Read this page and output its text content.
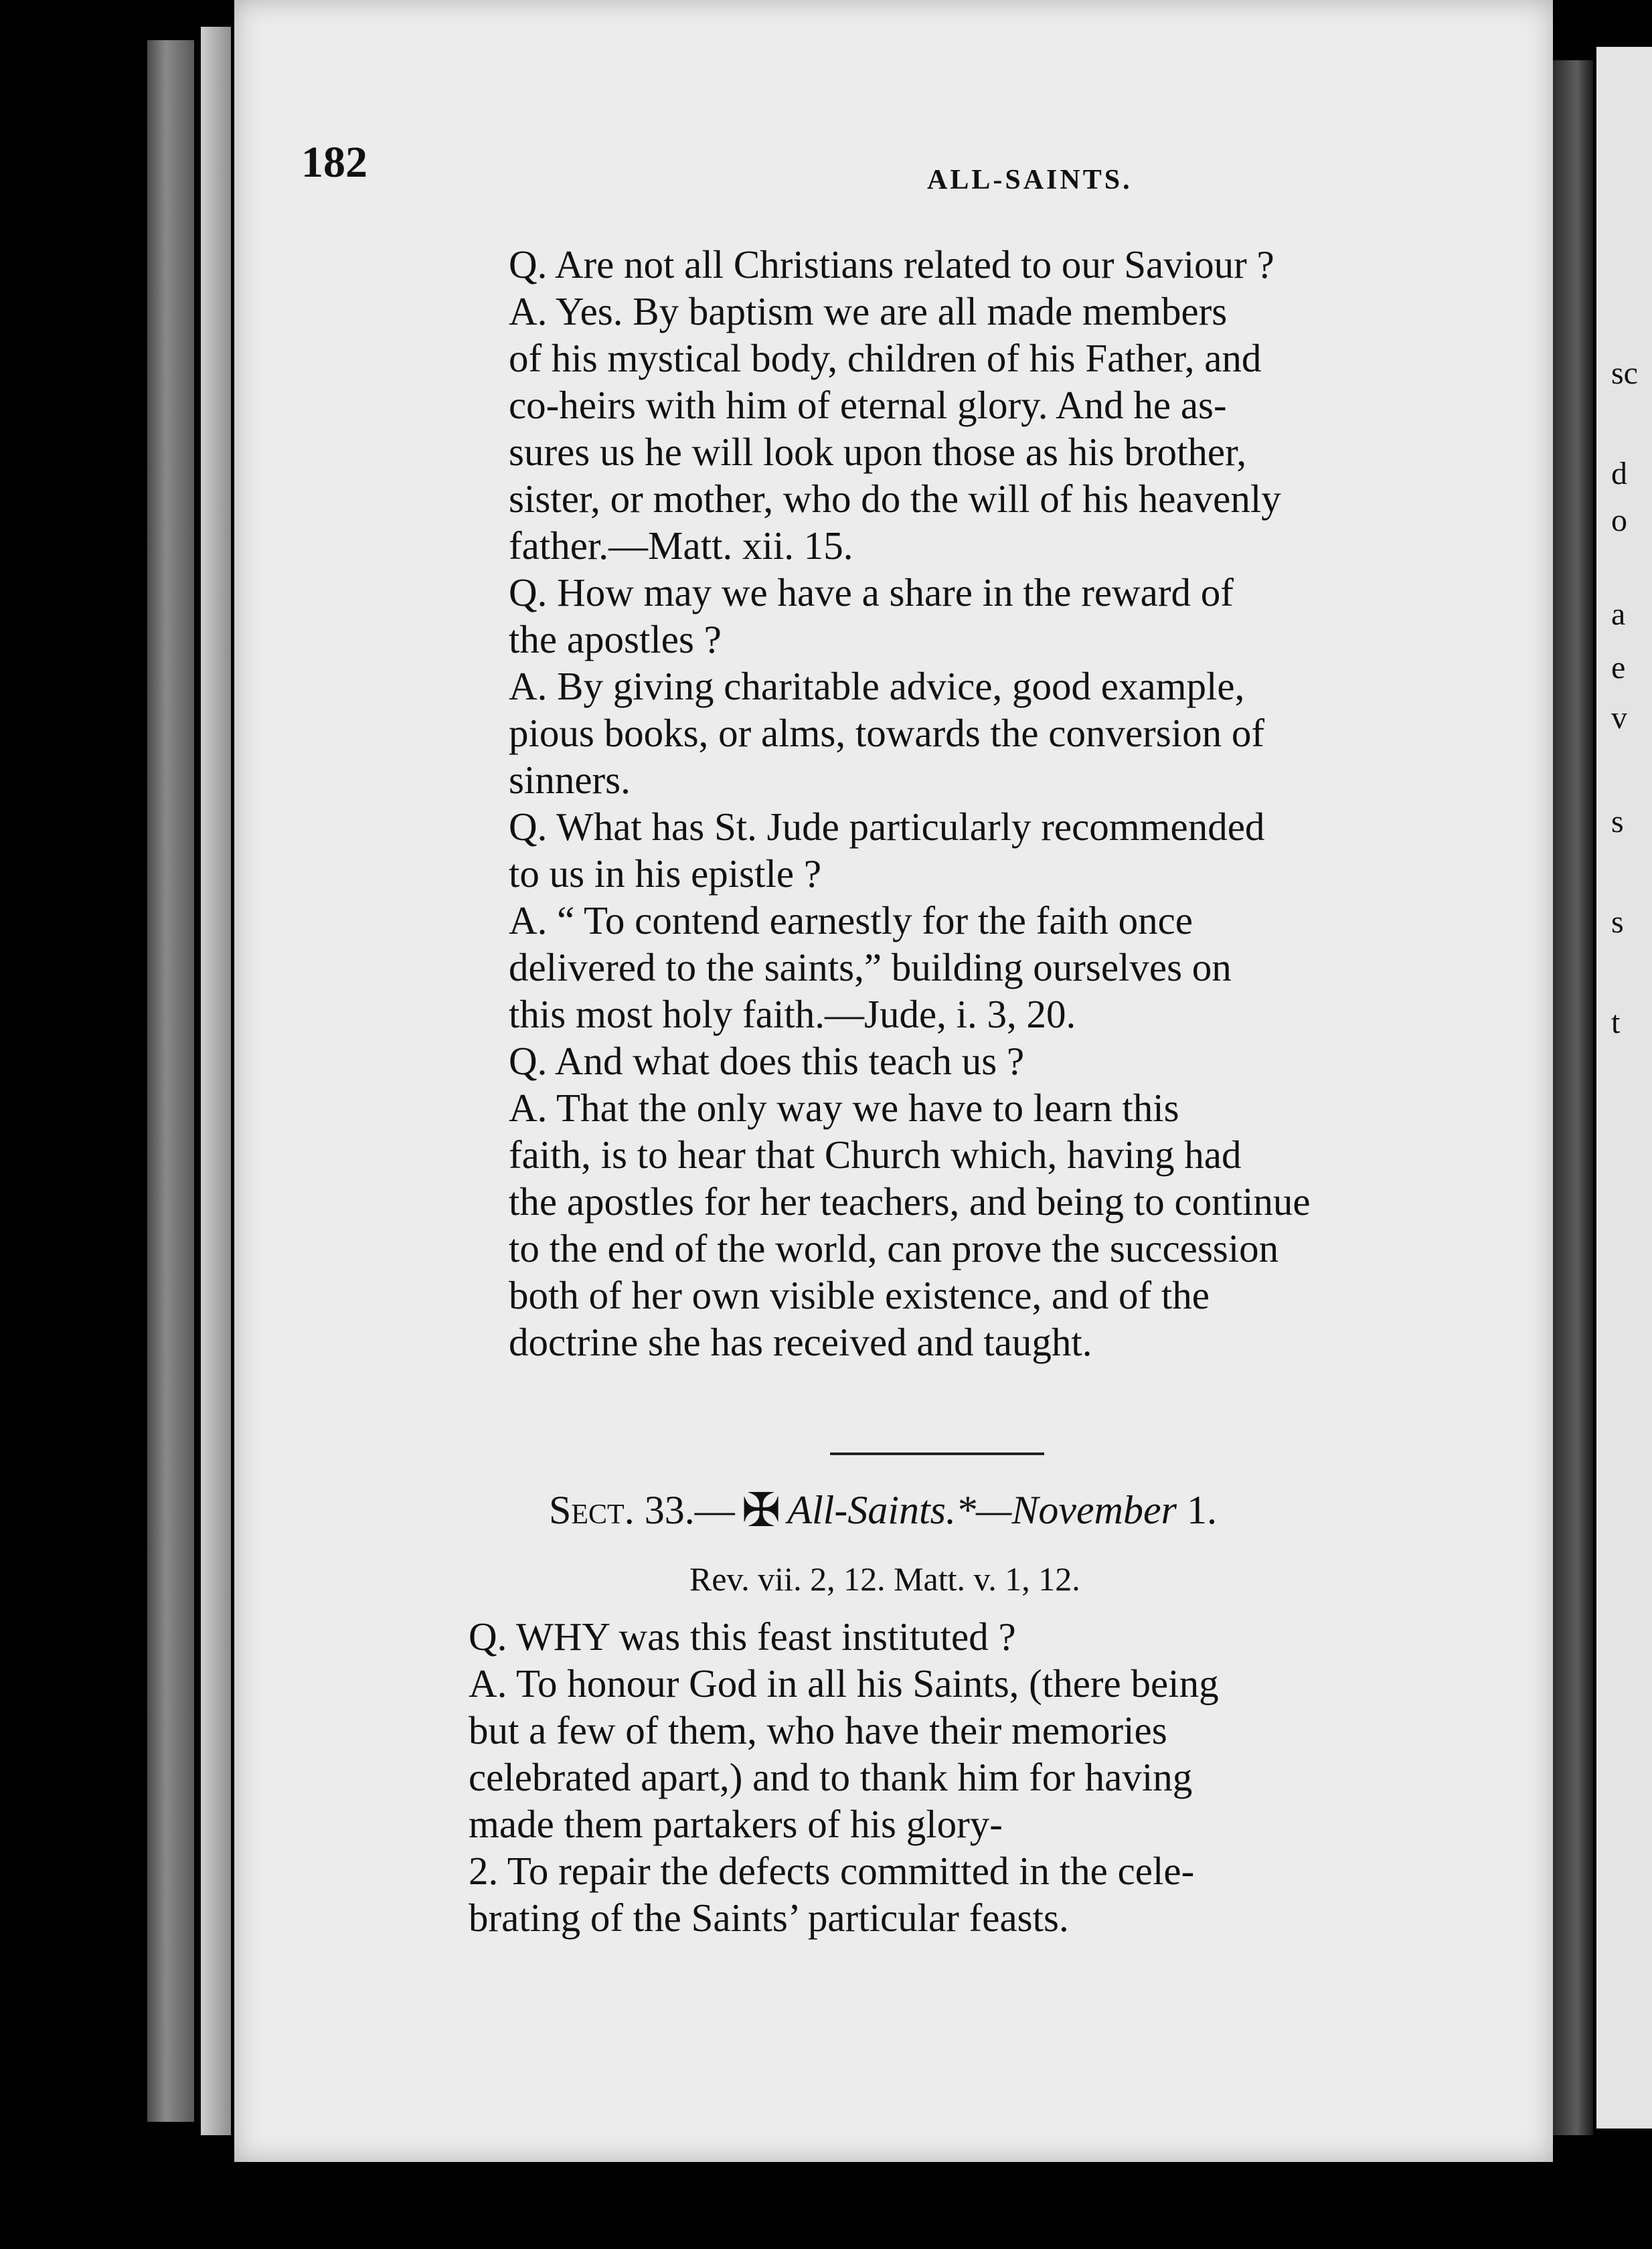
sc
d
o
a
e
v
s
s
t
182	ALL-SAINTS.
Q. Are not all Christians related to our Saviour ?
A. Yes. By baptism we are all made members
of his mystical body, children of his Father, and
co-heirs with him of eternal glory. And he as-
sures us he will look upon those as his brother,
sister, or mother, who do the will of his heavenly
father.—Matt. xii. 15.
Q. How may we have a share in the reward of
the apostles ?
A. By giving charitable advice, good example,
pious books, or alms, towards the conversion of
sinners.
Q. What has St. Jude particularly recommended
to us in his epistle ?
A. “ To contend earnestly for the faith once
delivered to the saints,” building ourselves on
this most holy faith.—Jude, i. 3, 20.
Q. And what does this teach us ?
A. That the only way we have to learn this
faith, is to hear that Church which, having had
the apostles for her teachers, and being to continue
to the end of the world, can prove the succession
both of her own visible existence, and of the
doctrine she has received and taught.
Sect. 33.— ✠ All-Saints.*—November 1.
Rev. vii. 2, 12. Matt. v. 1, 12.
Q. WHY was this feast instituted ?
A. To honour God in all his Saints, (there being
but a few of them, who have their memories
celebrated apart,) and to thank him for having
made them partakers of his glory-
2. To repair the defects committed in the cele-
brating of the Saints’ particular feasts.
